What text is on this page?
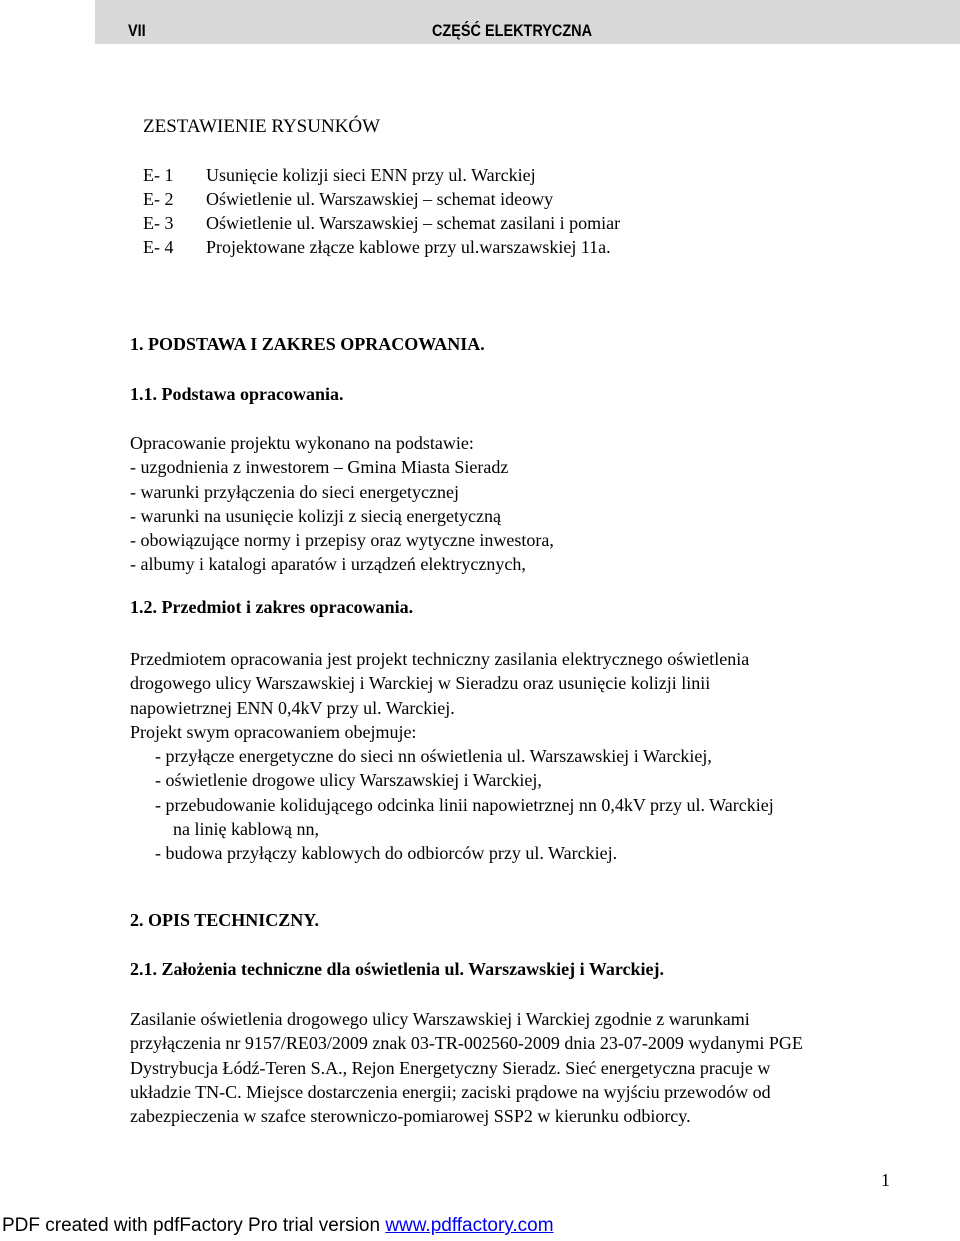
VII	CZĘŚĆ ELEKTRYCZNA
ZESTAWIENIE RYSUNKÓW
E- 1	Usunięcie kolizji sieci ENN przy ul. Warckiej
E- 2	Oświetlenie ul. Warszawskiej – schemat ideowy
E- 3	Oświetlenie ul. Warszawskiej – schemat zasilani i pomiar
E- 4	Projektowane złącze kablowe przy ul.warszawskiej 11a.
1. PODSTAWA I ZAKRES OPRACOWANIA.
1.1. Podstawa opracowania.
Opracowanie projektu wykonano na podstawie:
- uzgodnienia z inwestorem – Gmina Miasta Sieradz
- warunki przyłączenia do sieci energetycznej
- warunki na usunięcie kolizji z siecią energetyczną
- obowiązujące normy i przepisy oraz wytyczne inwestora,
- albumy i katalogi aparatów i urządzeń elektrycznych,
1.2. Przedmiot i zakres opracowania.
Przedmiotem opracowania jest projekt techniczny zasilania elektrycznego oświetlenia
drogowego ulicy Warszawskiej i Warckiej w Sieradzu oraz usunięcie kolizji linii
napowietrznej ENN 0,4kV przy ul. Warckiej.
Projekt swym opracowaniem obejmuje:
- przyłącze energetyczne do sieci nn oświetlenia ul. Warszawskiej i Warckiej,
- oświetlenie drogowe ulicy Warszawskiej i Warckiej,
- przebudowanie kolidującego odcinka linii napowietrznej nn 0,4kV przy ul. Warckiej
na linię kablową nn,
- budowa przyłączy kablowych do odbiorców przy ul. Warckiej.
2. OPIS TECHNICZNY.
2.1. Założenia techniczne dla oświetlenia ul. Warszawskiej i Warckiej.
Zasilanie oświetlenia drogowego ulicy Warszawskiej i Warckiej zgodnie z warunkami
przyłączenia nr 9157/RE03/2009 znak 03-TR-002560-2009 dnia 23-07-2009 wydanymi PGE
Dystrybucja Łódź-Teren S.A., Rejon Energetyczny Sieradz. Sieć energetyczna pracuje w
układzie TN-C. Miejsce dostarczenia energii; zaciski prądowe na wyjściu przewodów od
zabezpieczenia w szafce sterowniczo-pomiarowej SSP2 w kierunku odbiorcy.
1
PDF created with pdfFactory Pro trial version www.pdffactory.com
